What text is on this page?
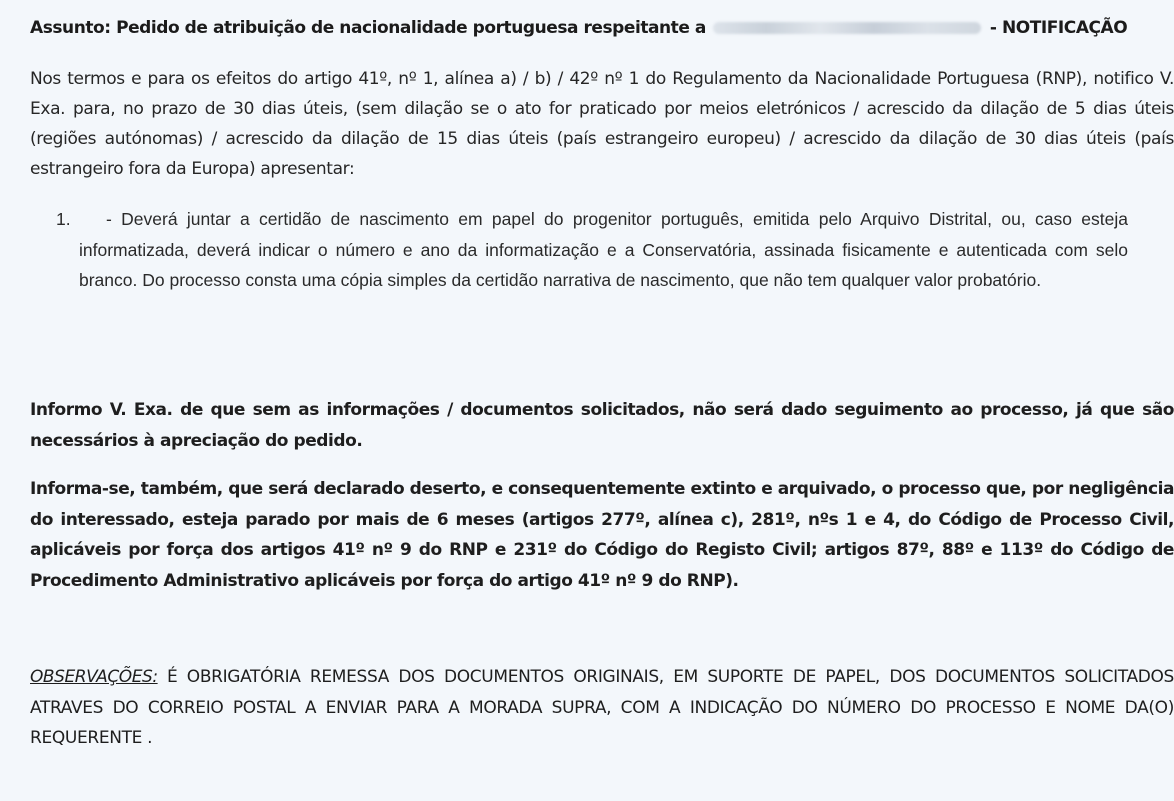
Assunto: Pedido de atribuição de nacionalidade portuguesa respeitante a	- NOTIFICAÇÃO
Nos termos e para os efeitos do artigo 41º, nº 1, alínea a) / b) / 42º nº 1 do Regulamento da Nacionalidade Portuguesa (RNP), notifico V. Exa. para, no prazo de 30 dias úteis, (sem dilação se o ato for praticado por meios eletrónicos / acrescido da dilação de 5 dias úteis (regiões autónomas) / acrescido da dilação de 15 dias úteis (país estrangeiro europeu) / acrescido da dilação de 30 dias úteis (país estrangeiro fora da Europa) apresentar:
1.	- Deverá juntar a certidão de nascimento em papel do progenitor português, emitida pelo Arquivo Distrital, ou, caso esteja informatizada, deverá indicar o número e ano da informatização e a Conservatória, assinada fisicamente e autenticada com selo branco. Do processo consta uma cópia simples da certidão narrativa de nascimento, que não tem qualquer valor probatório.
Informo V. Exa. de que sem as informações / documentos solicitados, não será dado seguimento ao processo, já que são necessários à apreciação do pedido.
Informa-se, também, que será declarado deserto, e consequentemente extinto e arquivado, o processo que, por negligência do interessado, esteja parado por mais de 6 meses (artigos 277º, alínea c), 281º, nºs 1 e 4, do Código de Processo Civil, aplicáveis por força dos artigos 41º nº 9 do RNP e 231º do Código do Registo Civil; artigos 87º, 88º e 113º do Código de Procedimento Administrativo aplicáveis por força do artigo 41º nº 9 do RNP).
OBSERVAÇÕES: É OBRIGATÓRIA REMESSA DOS DOCUMENTOS ORIGINAIS, EM SUPORTE DE PAPEL, DOS DOCUMENTOS SOLICITADOS ATRAVES DO CORREIO POSTAL A ENVIAR PARA A MORADA SUPRA, COM A INDICAÇÃO DO NÚMERO DO PROCESSO E NOME DA(O) REQUERENTE .
